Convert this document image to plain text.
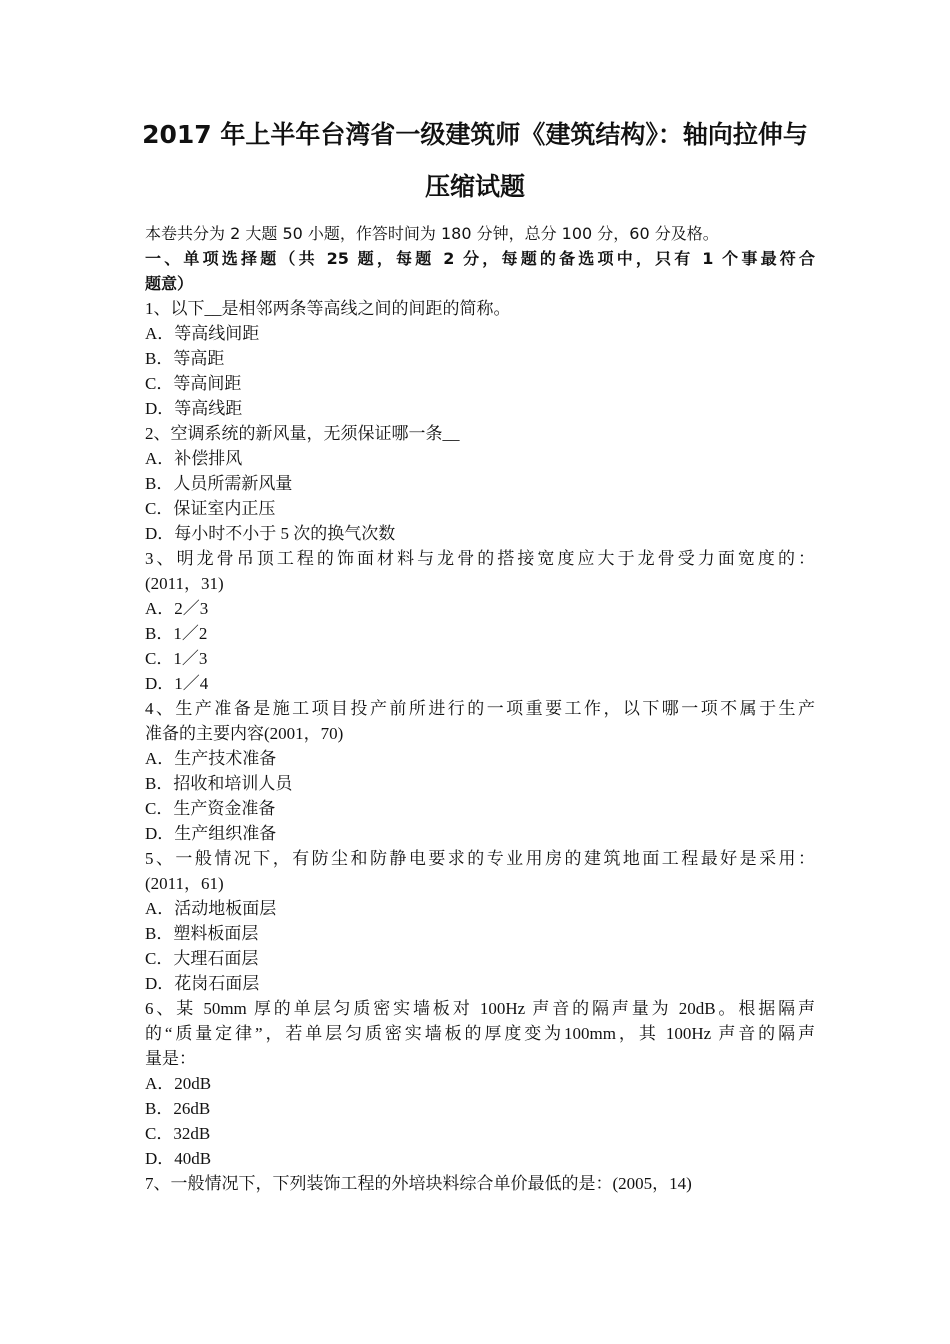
2017 年上半年台湾省一级建筑师《建筑结构》：轴向拉伸与
压缩试题
本卷共分为 2 大题 50 小题，作答时间为 180 分钟，总分 100 分，60 分及格。
一、单项选择题（共 25 题，每题 2 分，每题的备选项中，只有 1 个事最符合
题意）
1、以下__是相邻两条等高线之间的间距的简称。
A．等高线间距
B．等高距
C．等高间距
D．等高线距
2、空调系统的新风量，无须保证哪一条__
A．补偿排风
B．人员所需新风量
C．保证室内正压
D．每小时不小于 5 次的换气次数
3、明龙骨吊顶工程的饰面材料与龙骨的搭接宽度应大于龙骨受力面宽度的：
(2011，31)
A．2／3
B．1／2
C．1／3
D．1／4
4、生产准备是施工项目投产前所进行的一项重要工作，以下哪一项不属于生产
准备的主要内容(2001，70)
A．生产技术准备
B．招收和培训人员
C．生产资金准备
D．生产组织准备
5、一般情况下，有防尘和防静电要求的专业用房的建筑地面工程最好是采用：
(2011，61)
A．活动地板面层
B．塑料板面层
C．大理石面层
D．花岗石面层
6、某 50mm 厚的单层匀质密实墙板对 100Hz 声音的隔声量为 20dB。根据隔声
的“质量定律”，若单层匀质密实墙板的厚度变为100mm，其 100Hz 声音的隔声
量是：
A．20dB
B．26dB
C．32dB
D．40dB
7、一般情况下，下列装饰工程的外培块料综合单价最低的是：(2005，14)
